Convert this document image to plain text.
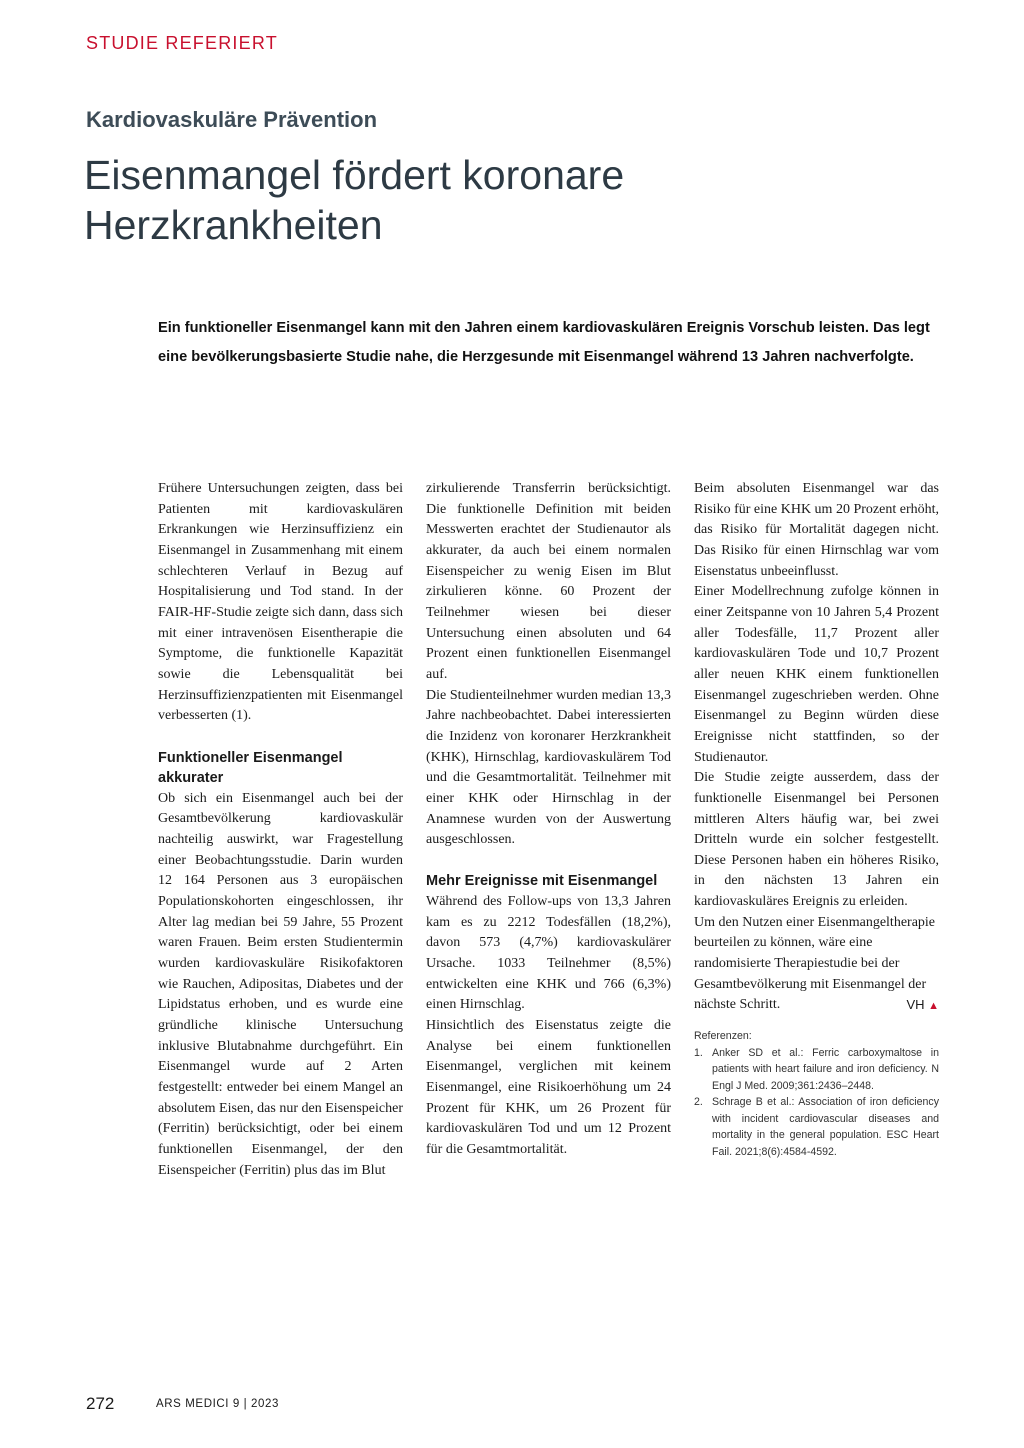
STUDIE REFERIERT
Kardiovaskuläre Prävention
Eisenmangel fördert koronare Herzkrankheiten
Ein funktioneller Eisenmangel kann mit den Jahren einem kardiovaskulären Ereignis Vorschub leisten. Das legt eine bevölkerungsbasierte Studie nahe, die Herzgesunde mit Eisenmangel während 13 Jahren nachverfolgte.

Frühere Untersuchungen zeigten, dass bei Patienten mit kardiovaskulären Erkrankungen wie Herzinsuffizienz ein Eisenmangel in Zusammenhang mit einem schlechteren Verlauf in Bezug auf Hospitalisierung und Tod stand. In der FAIR-HF-Studie zeigte sich dann, dass sich mit einer intravenösen Eisentherapie die Symptome, die funktionelle Kapazität sowie die Lebensqualität bei Herzinsuffizienzpatienten mit Eisenmangel verbesserten (1).

Funktioneller Eisenmangel akkurater

Ob sich ein Eisenmangel auch bei der Gesamtbevölkerung kardiovaskulär nachteilig auswirkt, war Fragestellung einer Beobachtungsstudie. Darin wurden 12 164 Personen aus 3 europäischen Populationskohorten eingeschlossen, ihr Alter lag median bei 59 Jahre, 55 Prozent waren Frauen. Beim ersten Studientermin wurden kardiovaskuläre Risikofaktoren wie Rauchen, Adipositas, Diabetes und der Lipidstatus erhoben, und es wurde eine gründliche klinische Untersuchung inklusive Blutabnahme durchgeführt. Ein Eisenmangel wurde auf 2 Arten festgestellt: entweder bei einem Mangel an absolutem Eisen, das nur den Eisenspeicher (Ferritin) berücksichtigt, oder bei einem funktionellen Eisenmangel, der den Eisenspeicher (Ferritin) plus das im Blut

zirkulierende Transferrin berücksichtigt. Die funktionelle Definition mit beiden Messwerten erachtet der Studienautor als akkurater, da auch bei einem normalen Eisenspeicher zu wenig Eisen im Blut zirkulieren könne. 60 Prozent der Teilnehmer wiesen bei dieser Untersuchung einen absoluten und 64 Prozent einen funktionellen Eisenmangel auf.

Die Studienteilnehmer wurden median 13,3 Jahre nachbeobachtet. Dabei interessierten die Inzidenz von koronarer Herzkrankheit (KHK), Hirnschlag, kardiovaskulärem Tod und die Gesamtmortalität. Teilnehmer mit einer KHK oder Hirnschlag in der Anamnese wurden von der Auswertung ausgeschlossen.

Mehr Ereignisse mit Eisenmangel

Während des Follow-ups von 13,3 Jahren kam es zu 2212 Todesfällen (18,2%), davon 573 (4,7%) kardiovaskulärer Ursache. 1033 Teilnehmer (8,5%) entwickelten eine KHK und 766 (6,3%) einen Hirnschlag.

Hinsichtlich des Eisenstatus zeigte die Analyse bei einem funktionellen Eisenmangel, verglichen mit keinem Eisenmangel, eine Risikoerhöhung um 24 Prozent für KHK, um 26 Prozent für kardiovaskulären Tod und um 12 Prozent für die Gesamtmortalität.

Beim absoluten Eisenmangel war das Risiko für eine KHK um 20 Prozent erhöht, das Risiko für Mortalität dagegen nicht. Das Risiko für einen Hirnschlag war vom Eisenstatus unbeeinflusst.

Einer Modellrechnung zufolge können in einer Zeitspanne von 10 Jahren 5,4 Prozent aller Todesfälle, 11,7 Prozent aller kardiovaskulären Tode und 10,7 Prozent aller neuen KHK einem funktionellen Eisenmangel zugeschrieben werden. Ohne Eisenmangel zu Beginn würden diese Ereignisse nicht stattfinden, so der Studienautor.

Die Studie zeigte ausserdem, dass der funktionelle Eisenmangel bei Personen mittleren Alters häufig war, bei zwei Dritteln wurde ein solcher festgestellt. Diese Personen haben ein höheres Risiko, in den nächsten 13 Jahren ein kardiovaskuläres Ereignis zu erleiden.

Um den Nutzen einer Eisenmangeltherapie beurteilen zu können, wäre eine randomisierte Therapiestudie bei der Gesamtbevölkerung mit Eisenmangel der nächste Schritt.	VH ▲

Referenzen:

1. Anker SD et al.: Ferric carboxymaltose in patients with heart failure and iron deficiency. N Engl J Med. 2009;361:2436–2448.
2. Schrage B et al.: Association of iron deficiency with incident cardiovascular diseases and mortality in the general population. ESC Heart Fail. 2021;8(6):4584-4592.
272	ARS MEDICI 9 | 2023
